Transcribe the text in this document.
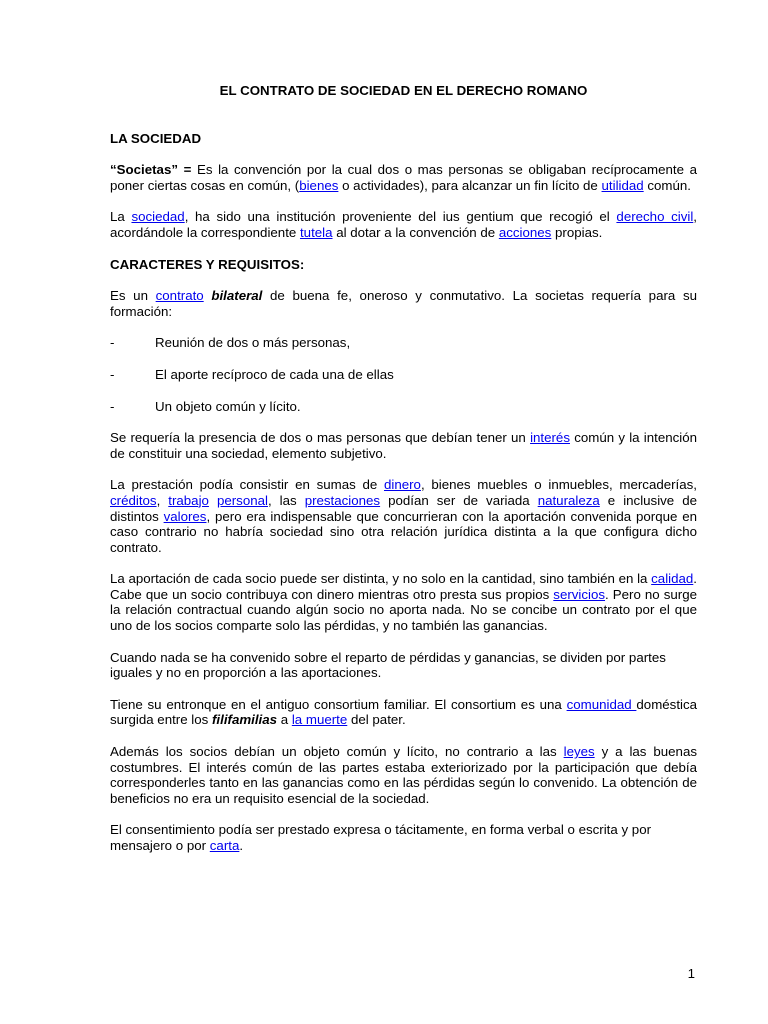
EL CONTRATO DE SOCIEDAD EN EL DERECHO ROMANO
LA SOCIEDAD

“Societas” = Es la convención por la cual dos o mas personas se obligaban recíprocamente a poner ciertas cosas en común, (bienes o actividades), para alcanzar un fin lícito de utilidad común.

La sociedad, ha sido una institución proveniente del ius gentium que recogió el derecho civil, acordándole la correspondiente tutela al dotar a la convención de acciones propias.

CARACTERES Y REQUISITOS:

Es un contrato bilateral de buena fe, oneroso y conmutativo. La societas requería para su formación:

-	Reunión de dos o más personas,
-	El aporte recíproco de cada una de ellas
-	Un objeto común y lícito.

Se requería la presencia de dos o mas personas que debían tener un interés común y la intención de constituir una sociedad, elemento subjetivo.

La prestación podía consistir en sumas de dinero, bienes muebles o inmuebles, mercaderías, créditos, trabajo personal, las prestaciones podían ser de variada naturaleza e inclusive de distintos valores, pero era indispensable que concurrieran con la aportación convenida porque en caso contrario no habría sociedad sino otra relación jurídica distinta a la que configura dicho contrato.

La aportación de cada socio puede ser distinta, y no solo en la cantidad, sino también en la calidad. Cabe que un socio contribuya con dinero mientras otro presta sus propios servicios. Pero no surge la relación contractual cuando algún socio no aporta nada. No se concibe un contrato por el que uno de los socios comparte solo las pérdidas, y no también las ganancias.

Cuando nada se ha convenido sobre el reparto de pérdidas y ganancias, se dividen por partes iguales y no en proporción a las aportaciones.

Tiene su entronque en el antiguo consortium familiar. El consortium es una comunidad doméstica surgida entre los filifamilias a la muerte del pater.

Además los socios debían un objeto común y lícito, no contrario a las leyes y a las buenas costumbres. El interés común de las partes estaba exteriorizado por la participación que debía corresponderles tanto en las ganancias como en las pérdidas según lo convenido. La obtención de beneficios no era un requisito esencial de la sociedad.

El consentimiento podía ser prestado expresa o tácitamente, en forma verbal o escrita y por mensajero o por carta.

1
